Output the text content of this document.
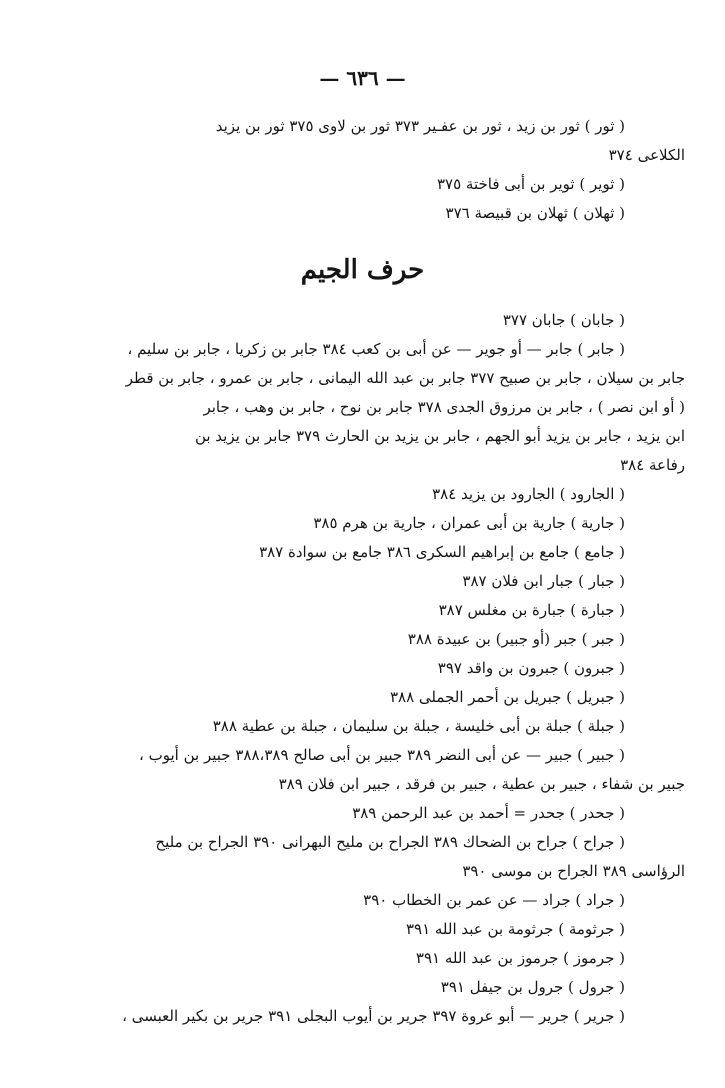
— ٦٣٦ —
( ثور ) ثور بن زيد ، ثور بن عفـير ٣٧٣ ثور بن لاوى ٣٧٥ ثور بن يزيد
الكلاعى ٣٧٤
( ثوير ) ثوير بن أبى فاختة ٣٧٥
( ثهلان ) ثهلان بن قبيصة ٣٧٦
حرف الجيم
( جابان ) جابان ٣٧٧
( جابر ) جابر — أو جوير — عن أبى بن كعب ٣٨٤ جابر بن زكريا ، جابر بن سليم ،
جابر بن سيلان ، جابر بن صبيح ٣٧٧ جابر بن عبد الله اليمانى ، جابر بن عمرو ، جابر بن قطر
( أو ابن نصر ) ، جابر بن مرزوق الجدى ٣٧٨ جابر بن نوح ، جابر بن وهب ، جابر
ابن يزيد ، جابر بن يزيد أبو الجهم ، جابر بن يزيد بن الحارث ٣٧٩ جابر بن يزيد بن
رفاعة ٣٨٤
( الجارود ) الجارود بن يزيد ٣٨٤
( جارية ) جارية بن أبى عمران ، جارية بن هرم ٣٨٥
( جامع ) جامع بن إبراهيم السكرى ٣٨٦ جامع بن سوادة ٣٨٧
( جبار ) جبار ابن فلان ٣٨٧
( جبارة ) جبارة بن مغلس ٣٨٧
( جبر ) جبر (أو جبير) بن عبيدة ٣٨٨
( جبرون ) جبرون بن واقد ٣٩٧
( جبريل ) جبريل بن أحمر الجملى ٣٨٨
( جبلة ) جبلة بن أبى خليسة ، جبلة بن سليمان ، جبلة بن عطية ٣٨٨
( جبير ) جبير — عن أبى النضر ٣٨٩ جبير بن أبى صالح ٣٨٨،٣٨٩ جبير بن أيوب ،
جبير بن شفاء ، جبير بن عطية ، جبير بن فرقد ، جبير ابن فلان ٣٨٩
( جحدر ) جحدر = أحمد بن عبد الرحمن ٣٨٩
( جراح ) جراح بن الضحاك ٣٨٩ الجراح بن مليح البهرانى ٣٩٠ الجراح بن مليح
الرؤاسى ٣٨٩ الجراح بن موسى ٣٩٠
( جراد ) جراد — عن عمر بن الخطاب ٣٩٠
( جرثومة ) جرثومة بن عبد الله ٣٩١
( جرموز ) جرموز بن عبد الله ٣٩١
( جرول ) جرول بن جيفل ٣٩١
( جرير ) جرير — أبو عروة ٣٩٧ جرير بن أيوب البجلى ٣٩١ جرير بن بكير العبسى ،
